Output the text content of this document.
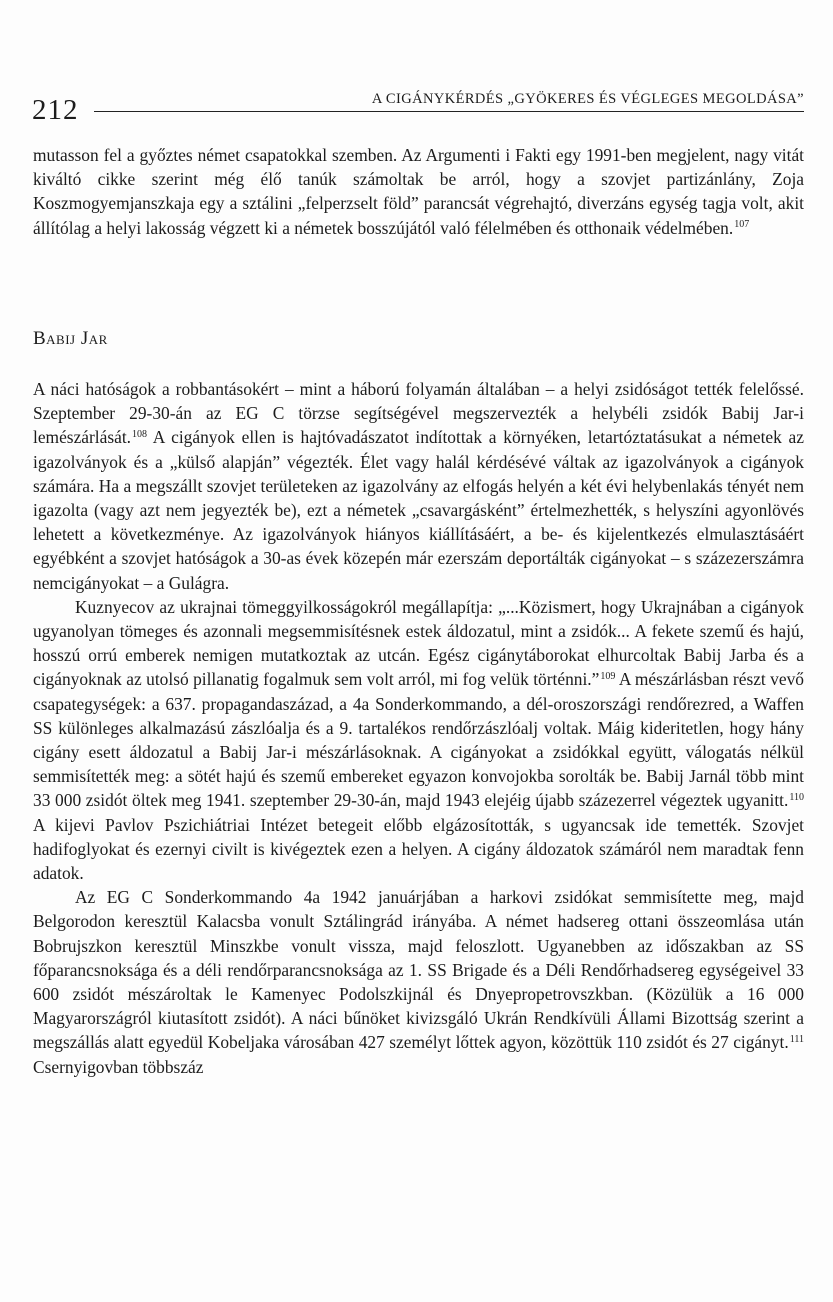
212	A CIGÁNYKÉRDÉS „GYÖKERES ÉS VÉGLEGES MEGOLDÁSA”

mutasson fel a győztes német csapatokkal szemben. Az Argumenti i Fakti egy 1991-ben megjelent, nagy vitát kiváltó cikke szerint még élő tanúk számoltak be arról, hogy a szovjet partizánlány, Zoja Koszmogyemjanszkaja egy a sztálini „felperzselt föld” parancsát végrehajtó, diverzáns egység tagja volt, akit állítólag a helyi lakosság végzett ki a németek bosszújától való félelmében és otthonaik védelmében.$^{107}$

Babij Jar

A náci hatóságok a robbantásokért – mint a háború folyamán általában – a helyi zsidóságot tették felelőssé. Szeptember 29-30-án az EG C törzse segítségével megszervezték a helybéli zsidók Babij Jar-i lemészárlását.$^{108}$ A cigányok ellen is hajtóvadászatot indítottak a környéken, letartóztatásukat a németek az igazolványok és a „külső alapján” végezték. Élet vagy halál kérdésévé váltak az igazolványok a cigányok számára. Ha a megszállt szovjet területeken az igazolvány az elfogás helyén a két évi helybenlakás tényét nem igazolta (vagy azt nem jegyezték be), ezt a németek „csavargásként” értelmezhették, s helyszíni agyonlövés lehetett a következménye. Az igazolványok hiányos kiállításáért, a be- és kijelentkezés elmulasztásáért egyébként a szovjet hatóságok a 30-as évek közepén már ezerszám deportálták cigányokat – s százezerszámra nemcigányokat – a Gulágra.

Kuznyecov az ukrajnai tömeggyilkosságokról megállapítja: „...Közismert, hogy Ukrajnában a cigányok ugyanolyan tömeges és azonnali megsemmisítésnek estek áldozatul, mint a zsidók... A fekete szemű és hajú, hosszú orrú emberek nemigen mutatkoztak az utcán. Egész cigánytáborokat elhurcoltak Babij Jarba és a cigányoknak az utolsó pillanatig fogalmuk sem volt arról, mi fog velük történni.”$^{109}$ A mészárlásban részt vevő csapategységek: a 637. propagandaszázad, a 4a Sonderkommando, a dél-oroszországi rendőrezred, a Waffen SS különleges alkalmazású zászlóalja és a 9. tartalékos rendőrzászlóalj voltak. Máig kideritetlen, hogy hány cigány esett áldozatul a Babij Jar-i mészárlásoknak. A cigányokat a zsidókkal együtt, válogatás nélkül semmisítették meg: a sötét hajú és szemű embereket egyazon konvojokba sorolták be. Babij Jarnál több mint 33 000 zsidót öltek meg 1941. szeptember 29-30-án, majd 1943 elejéig újabb százezerrel végeztek ugyanitt.$^{110}$ A kijevi Pavlov Pszichiátriai Intézet betegeit előbb elgázosították, s ugyancsak ide temették. Szovjet hadifoglyokat és ezernyi civilt is kivégeztek ezen a helyen. A cigány áldozatok számáról nem maradtak fenn adatok.

Az EG C Sonderkommando 4a 1942 januárjában a harkovi zsidókat semmisítette meg, majd Belgorodon keresztül Kalacsba vonult Sztálingrád irányába. A német hadsereg ottani összeomlása után Bobrujszkon keresztül Minszkbe vonult vissza, majd feloszlott. Ugyanebben az időszakban az SS főparancsnoksága és a déli rendőrparancsnoksága az 1. SS Brigade és a Déli Rendőrhadsereg egységeivel 33 600 zsidót mészároltak le Kamenyec Podolszkijnál és Dnyepropetrovszkban. (Közülük a 16 000 Magyarországról kiutasított zsidót). A náci bűnöket kivizsgáló Ukrán Rendkívüli Állami Bizottság szerint a megszállás alatt egyedül Kobeljaka városában 427 személyt lőttek agyon, közöttük 110 zsidót és 27 cigányt.$^{111}$ Csernyigovban többszáz
